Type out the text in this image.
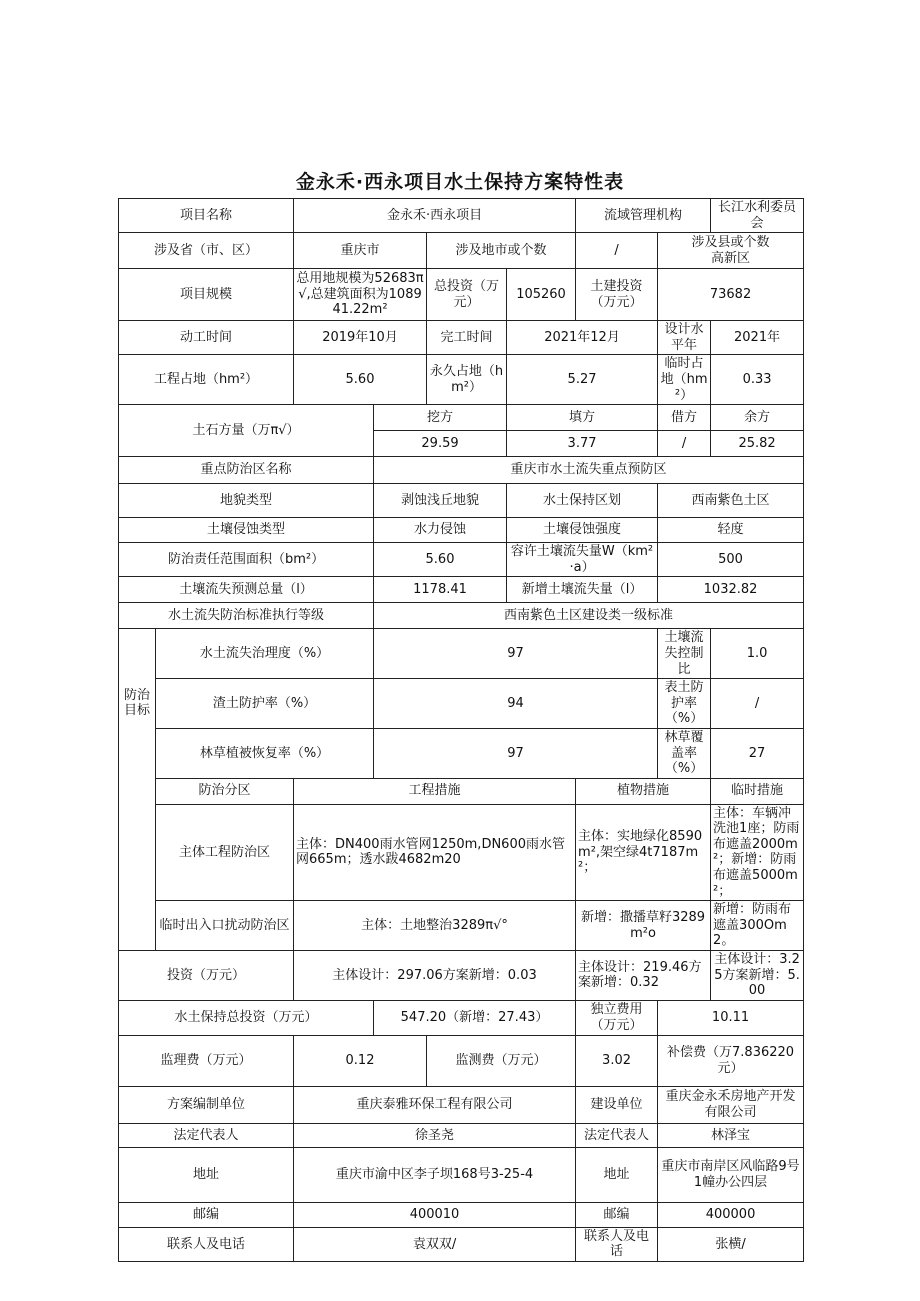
金永禾·西永项目水土保持方案特性表
项目名称		金永禾·西永项目				流域管理机构		长江水利委员会
涉及省（市、区）		重庆市		涉及地市或个数		/	涉及县或个数
高新区	

项目规模		总用地规模为52683π√,总建筑面积为108941.22m²		总投资（万元）	105260	土建投资（万元）	73682	
动工时间		2019年10月		完工时间	2021年12月		设计水平年	2021年
工程占地（hm²）		5.60		永久占地（hm²）	5.27		临时占地（hm²）	0.33
土石方量（万π√）			挖方		填方		借方	余方
			29.59		3.77		/	25.82
重点防治区名称			重庆市水土流失重点预防区					
地貌类型			剥蚀浅丘地貌		水土保持区划		西南紫色土区	
土壤侵蚀类型			水力侵蚀		土壤侵蚀强度		轻度	
防治责任范围面积（bm²）			5.60		容许土壤流失量W（km²·a）		500	
土壤流失预测总量（l）			1178.41		新增土壤流失量（l）		1032.82	
水土流失防治标准执行等级			西南紫色土区建设类一级标准					
防治目标	水土流失治理度（%）		97				土壤流失控制比	1.0
	渣土防护率（%）		94				表土防护率（%）	/
	林草植被恢复率（%）		97				林草覆盖率（%）	27
	防治分区	工程措施				植物措施		临时措施
	主体工程防治区	主体：DN400雨水管网1250m,DN600雨水管网665m；透水跋4682m20				主体：实地绿化8590m²,架空绿4t7187m²；		主体：车辆冲洗池1座；防雨布遮盖2000m²；新增：防雨布遮盖5000m²；
	临时出入口扰动防治区	主体：土地整治3289π√°				新增：撒播草籽3289m²o		新增：防雨布遮盖300Om2。
投资（万元）		主体设计：297.06方案新增：0.03				主体设计：219.46方案新增：0.32		主体设计：3.25方案新增：5.00
水土保持总投资（万元）			547.20（新增：27.43）			独立费用（万元）	10.11	
监理费（万元）		0.12		监测费（万元）		3.02	补偿费（万7.836220元）	
方案编制单位		重庆泰雅环保工程有限公司				建设单位	重庆金永禾房地产开发有限公司	
法定代表人		徐圣尧				法定代表人	林泽宝	
地址		重庆市渝中区李子坝168号3-25-4				地址	重庆市南岸区风临路9号1幢办公四层	
邮编		400010				邮编	400000	
联系人及电话		袁双双/				联系人及电话	张横/	
